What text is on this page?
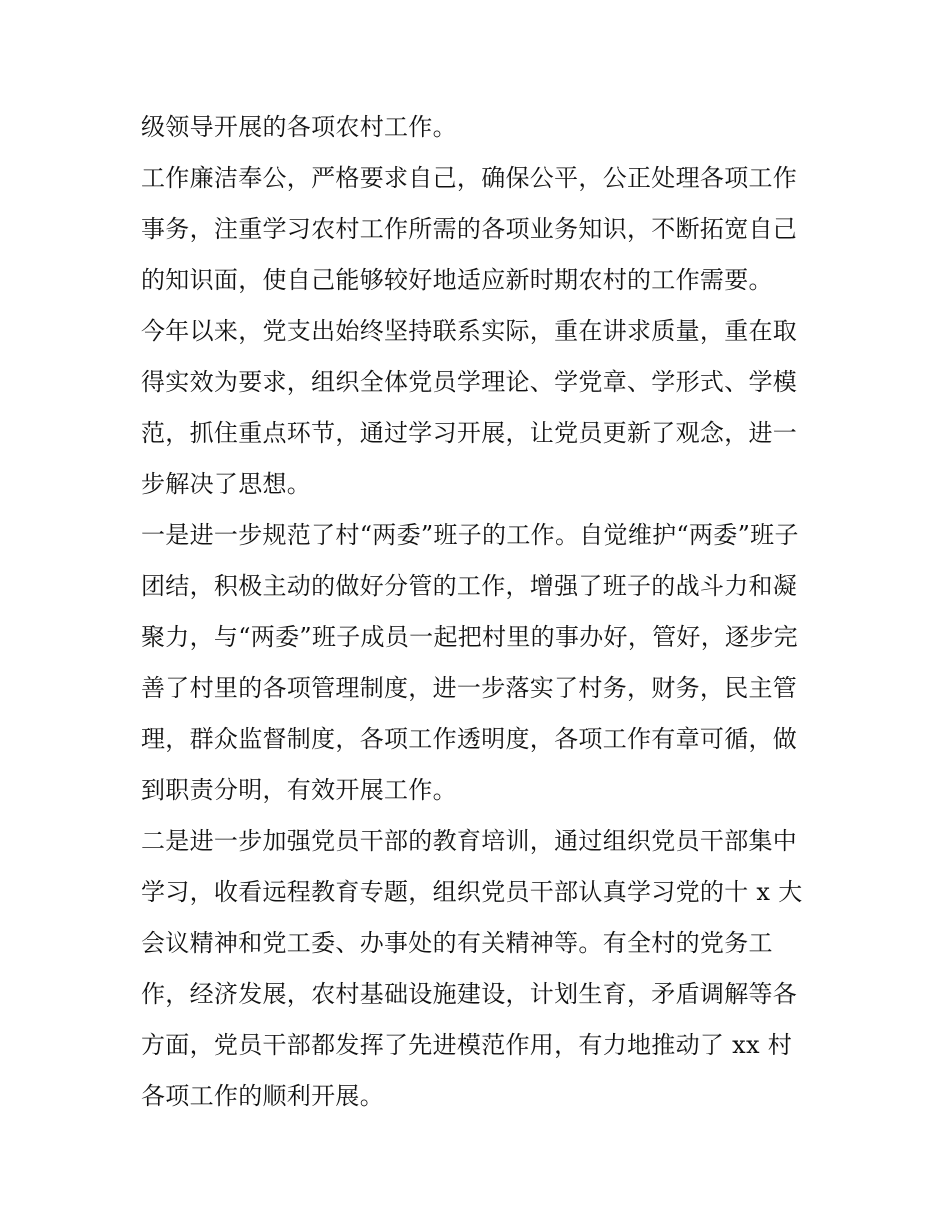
级领导开展的各项农村工作。
工作廉洁奉公，严格要求自己，确保公平，公正处理各项工作
事务，注重学习农村工作所需的各项业务知识，不断拓宽自己
的知识面，使自己能够较好地适应新时期农村的工作需要。
今年以来，党支出始终坚持联系实际，重在讲求质量，重在取
得实效为要求，组织全体党员学理论、学党章、学形式、学模
范，抓住重点环节，通过学习开展，让党员更新了观念，进一
步解决了思想。
一是进一步规范了村“两委”班子的工作。自觉维护“两委”班子
团结，积极主动的做好分管的工作，增强了班子的战斗力和凝
聚力，与“两委”班子成员一起把村里的事办好，管好，逐步完
善了村里的各项管理制度，进一步落实了村务，财务，民主管
理，群众监督制度，各项工作透明度，各项工作有章可循，做
到职责分明，有效开展工作。
二是进一步加强党员干部的教育培训，通过组织党员干部集中
学习，收看远程教育专题，组织党员干部认真学习党的十 x 大
会议精神和党工委、办事处的有关精神等。有全村的党务工
作，经济发展，农村基础设施建设，计划生育，矛盾调解等各
方面，党员干部都发挥了先进模范作用，有力地推动了 xx 村
各项工作的顺利开展。
